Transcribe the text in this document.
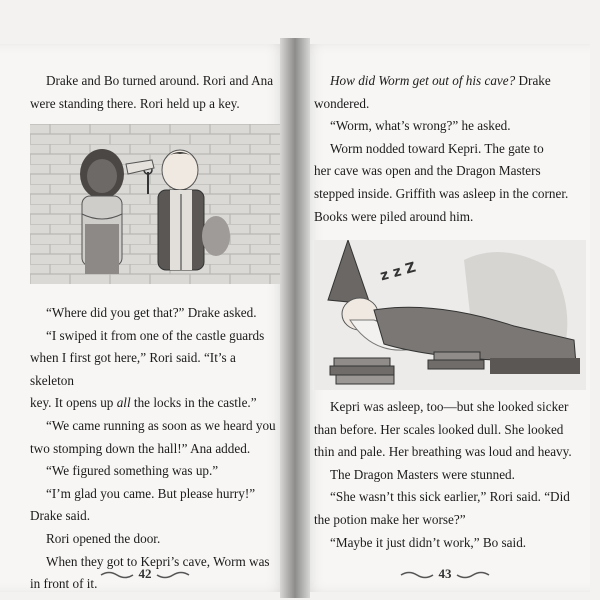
Drake and Bo turned around. Rori and Ana

were standing there. Rori held up a key.

“Where did you get that?” Drake asked.

“I swiped it from one of the castle guards

when I first got here,” Rori said. “It’s a skeleton

key. It opens up all the locks in the castle.”

“We came running as soon as we heard you

two stomping down the hall!” Ana added.

“We figured something was up.”

“I’m glad you came. But please hurry!”

Drake said.

Rori opened the door.

When they got to Kepri’s cave, Worm was

in front of it.

42

How did Worm get out of his cave? Drake

wondered.

“Worm, what’s wrong?” he asked.

Worm nodded toward Kepri. The gate to

her cave was open and the Dragon Masters

stepped inside. Griffith was asleep in the corner.

Books were piled around him.

z z Z

Kepri was asleep, too—but she looked sicker

than before. Her scales looked dull. She looked

thin and pale. Her breathing was loud and heavy.

The Dragon Masters were stunned.

“She wasn’t this sick earlier,” Rori said. “Did

the potion make her worse?”

“Maybe it just didn’t work,” Bo said.

43
